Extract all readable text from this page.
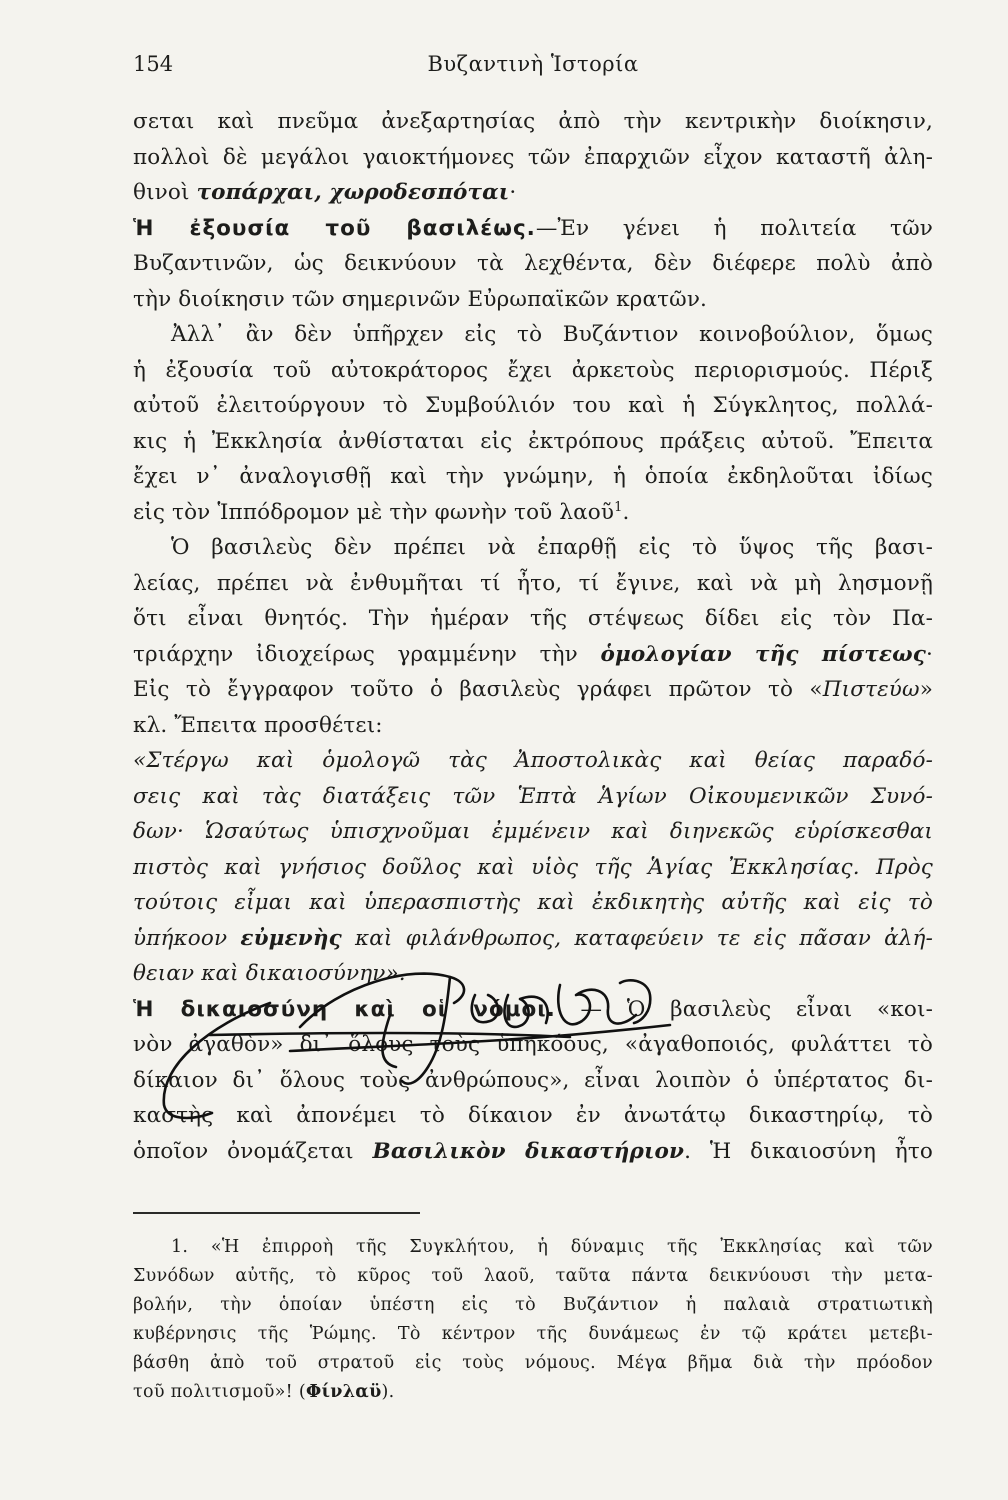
154	Βυζαντινὴ Ἱστορία
σεται καὶ πνεῦμα ἀνεξαρτησίας ἀπὸ τὴν κεντρικὴν διοίκησιν,
πολλοὶ δὲ μεγάλοι γαιοκτήμονες τῶν ἐπαρχιῶν εἶχον καταστῆ ἀλη-
θινοὶ τοπάρχαι, χωροδεσπόται·
Ἡ ἐξουσία τοῦ βασιλέως.—Ἐν γένει ἡ πολιτεία τῶν
Βυζαντινῶν, ὡς δεικνύουν τὰ λεχθέντα, δὲν διέφερε πολὺ ἀπὸ
τὴν διοίκησιν τῶν σημερινῶν Εὐρωπαϊκῶν κρατῶν.
Ἀλλ᾽ ἂν δὲν ὑπῆρχεν εἰς τὸ Βυζάντιον κοινοβούλιον, ὅμως
ἡ ἐξουσία τοῦ αὐτοκράτορος ἔχει ἀρκετοὺς περιορισμούς. Πέριξ
αὐτοῦ ἐλειτούργουν τὸ Συμβούλιόν του καὶ ἡ Σύγκλητος, πολλά-
κις ἡ Ἐκκλησία ἀνθίσταται εἰς ἐκτρόπους πράξεις αὐτοῦ. Ἔπειτα
ἔχει ν᾽ ἀναλογισθῇ καὶ τὴν γνώμην, ἡ ὁποία ἐκδηλοῦται ἰδίως
εἰς τὸν Ἱππόδρομον μὲ τὴν φωνὴν τοῦ λαοῦ$^1$.
Ὁ βασιλεὺς δὲν πρέπει νὰ ἐπαρθῇ εἰς τὸ ὕψος τῆς βασι-
λείας, πρέπει νὰ ἐνθυμῆται τί ἦτο, τί ἔγινε, καὶ νὰ μὴ λησμονῇ
ὅτι εἶναι θνητός. Τὴν ἡμέραν τῆς στέψεως δίδει εἰς τὸν Πα-
τριάρχην ἰδιοχείρως γραμμένην τὴν ὁμολογίαν τῆς πίστεως·
Εἰς τὸ ἔγγραφον τοῦτο ὁ βασιλεὺς γράφει πρῶτον τὸ «Πιστεύω»
κλ. Ἔπειτα προσθέτει:
«Στέργω καὶ ὁμολογῶ τὰς Ἀποστολικὰς καὶ θείας παραδό-
σεις καὶ τὰς διατάξεις τῶν Ἑπτὰ Ἁγίων Οἰκουμενικῶν Συνό-
δων· Ὡσαύτως ὑπισχνοῦμαι ἐμμένειν καὶ διηνεκῶς εὑρίσκεσθαι
πιστὸς καὶ γνήσιος δοῦλος καὶ υἱὸς τῆς Ἁγίας Ἐκκλησίας. Πρὸς
τούτοις εἶμαι καὶ ὑπερασπιστὴς καὶ ἐκδικητὴς αὐτῆς καὶ εἰς τὸ
ὑπήκοον εὐμενὴς καὶ φιλάνθρωπος, καταφεύειν τε εἰς πᾶσαν ἀλή-
θειαν καὶ δικαιοσύνην».—
Ἡ δικαιοσύνη καὶ οἱ νόμοι. — Ὁ βασιλεὺς εἶναι «κοι-
νὸν ἀγαθὸν» δι᾽ ὅλους τοὺς ὑπηκόους, «ἀγαθοποιός, φυλάττει τὸ
δίκαιον δι᾽ ὅλους τοὺς ἀνθρώπους», εἶναι λοιπὸν ὁ ὑπέρτατος δι-
καστὴς καὶ ἀπονέμει τὸ δίκαιον ἐν ἀνωτάτῳ δικαστηρίῳ, τὸ
ὁποῖον ὀνομάζεται Βασιλικὸν δικαστήριον. Ἡ δικαιοσύνη ἦτο
1. «Ἡ ἐπιρροὴ τῆς Συγκλήτου, ἡ δύναμις τῆς Ἐκκλησίας καὶ τῶν
Συνόδων αὐτῆς, τὸ κῦρος τοῦ λαοῦ, ταῦτα πάντα δεικνύουσι τὴν μετα-
βολήν, τὴν ὁποίαν ὑπέστη εἰς τὸ Βυζάντιον ἡ παλαιὰ στρατιωτικὴ
κυβέρνησις τῆς Ῥώμης. Τὸ κέντρον τῆς δυνάμεως ἐν τῷ κράτει μετεβι-
βάσθη ἀπὸ τοῦ στρατοῦ εἰς τοὺς νόμους. Μέγα βῆμα διὰ τὴν πρόοδον
τοῦ πολιτισμοῦ»! (Φίνλαϋ).
